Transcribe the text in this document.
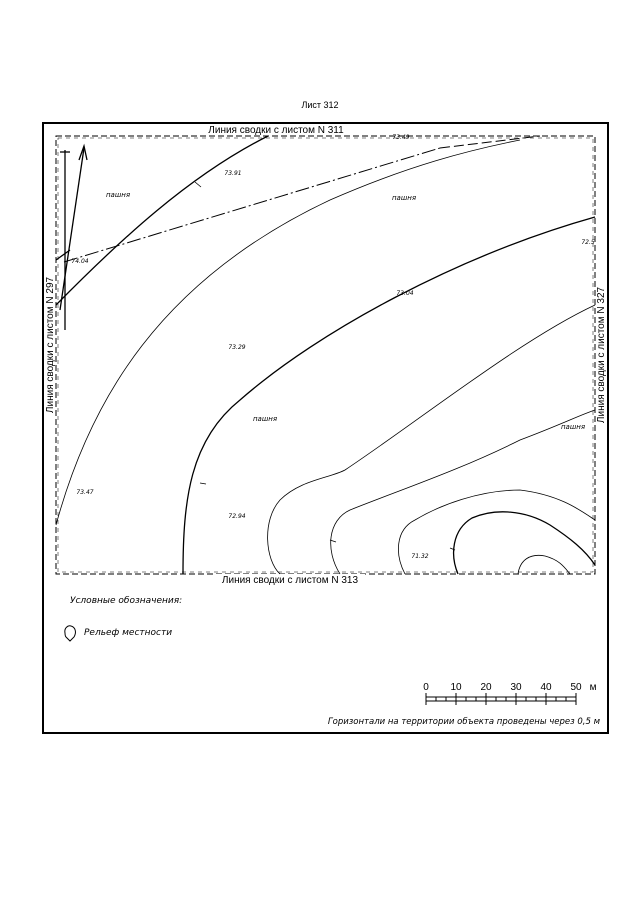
Лист 312
Линия сводки с листом N 311
Линия сводки с листом N 313
Линия сводки с листом N 297	Линия сводки с листом N 327
пашня	пашня
пашня
пашня
73.91
73.04
73.29
73.47
72.94
71.32
74.04
73.49
72.5
Условные обозначения:
Рельеф местности
0 10 20 30 40 50 м
Горизонтали на территории объекта проведены через 0,5 м
